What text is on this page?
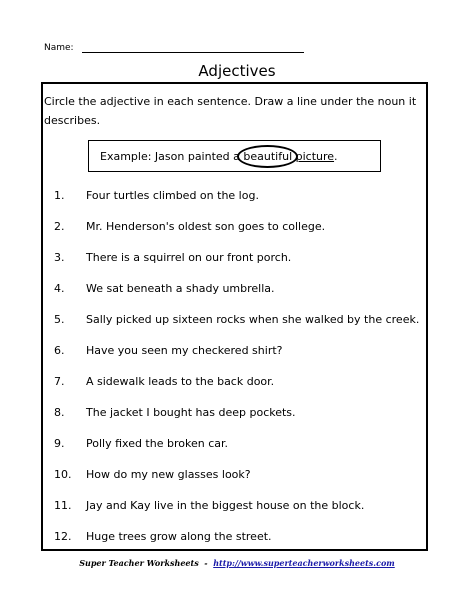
Name:
Adjectives
Circle the adjective in each sentence. Draw a line under the noun it describes.
Example: Jason painted a beautiful picture.
1. Four turtles climbed on the log.
2. Mr. Henderson's oldest son goes to college.
3. There is a squirrel on our front porch.
4. We sat beneath a shady umbrella.
5. Sally picked up sixteen rocks when she walked by the creek.
6. Have you seen my checkered shirt?
7. A sidewalk leads to the back door.
8. The jacket I bought has deep pockets.
9. Polly fixed the broken car.
10. How do my new glasses look?
11. Jay and Kay live in the biggest house on the block.
12. Huge trees grow along the street.
Super Teacher Worksheets - http://www.superteacherworksheets.com
